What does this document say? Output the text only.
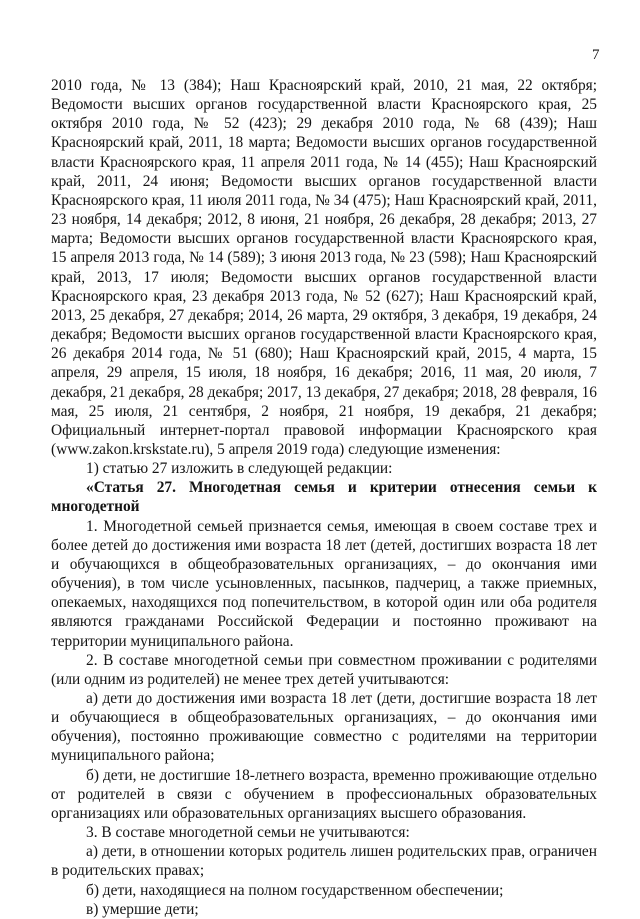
7

2010 года, № 13 (384); Наш Красноярский край, 2010, 21 мая, 22 октября; Ведомости высших органов государственной власти Красноярского края, 25 октября 2010 года, № 52 (423); 29 декабря 2010 года, № 68 (439); Наш Красноярский край, 2011, 18 марта; Ведомости высших органов государственной власти Красноярского края, 11 апреля 2011 года, № 14 (455); Наш Красноярский край, 2011, 24 июня; Ведомости высших органов государственной власти Красноярского края, 11 июля 2011 года, № 34 (475); Наш Красноярский край, 2011, 23 ноября, 14 декабря; 2012, 8 июня, 21 ноября, 26 декабря, 28 декабря; 2013, 27 марта; Ведомости высших органов государственной власти Красноярского края, 15 апреля 2013 года, № 14 (589); 3 июня 2013 года, № 23 (598); Наш Красноярский край, 2013, 17 июля; Ведомости высших органов государственной власти Красноярского края, 23 декабря 2013 года, № 52 (627); Наш Красноярский край, 2013, 25 декабря, 27 декабря; 2014, 26 марта, 29 октября, 3 декабря, 19 декабря, 24 декабря; Ведомости высших органов государственной власти Красноярского края, 26 декабря 2014 года, № 51 (680); Наш Красноярский край, 2015, 4 марта, 15 апреля, 29 апреля, 15 июля, 18 ноября, 16 декабря; 2016, 11 мая, 20 июля, 7 декабря, 21 декабря, 28 декабря; 2017, 13 декабря, 27 декабря; 2018, 28 февраля, 16 мая, 25 июля, 21 сентября, 2 ноября, 21 ноября, 19 декабря, 21 декабря; Официальный интернет-портал правовой информации Красноярского края (www.zakon.krskstate.ru), 5 апреля 2019 года) следующие изменения:

1) статью 27 изложить в следующей редакции:

«Статья 27. Многодетная семья и критерии отнесения семьи к многодетной

1. Многодетной семьей признается семья, имеющая в своем составе трех и более детей до достижения ими возраста 18 лет (детей, достигших возраста 18 лет и обучающихся в общеобразовательных организациях, – до окончания ими обучения), в том числе усыновленных, пасынков, падчериц, а также приемных, опекаемых, находящихся под попечительством, в которой один или оба родителя являются гражданами Российской Федерации и постоянно проживают на территории муниципального района.

2. В составе многодетной семьи при совместном проживании с родителями (или одним из родителей) не менее трех детей учитываются:

а) дети до достижения ими возраста 18 лет (дети, достигшие возраста 18 лет и обучающиеся в общеобразовательных организациях, – до окончания ими обучения), постоянно проживающие совместно с родителями на территории муниципального района;

б) дети, не достигшие 18-летнего возраста, временно проживающие отдельно от родителей в связи с обучением в профессиональных образовательных организациях или образовательных организациях высшего образования.

3. В составе многодетной семьи не учитываются:

а) дети, в отношении которых родитель лишен родительских прав, ограничен в родительских правах;

б) дети, находящиеся на полном государственном обеспечении;

в) умершие дети;
